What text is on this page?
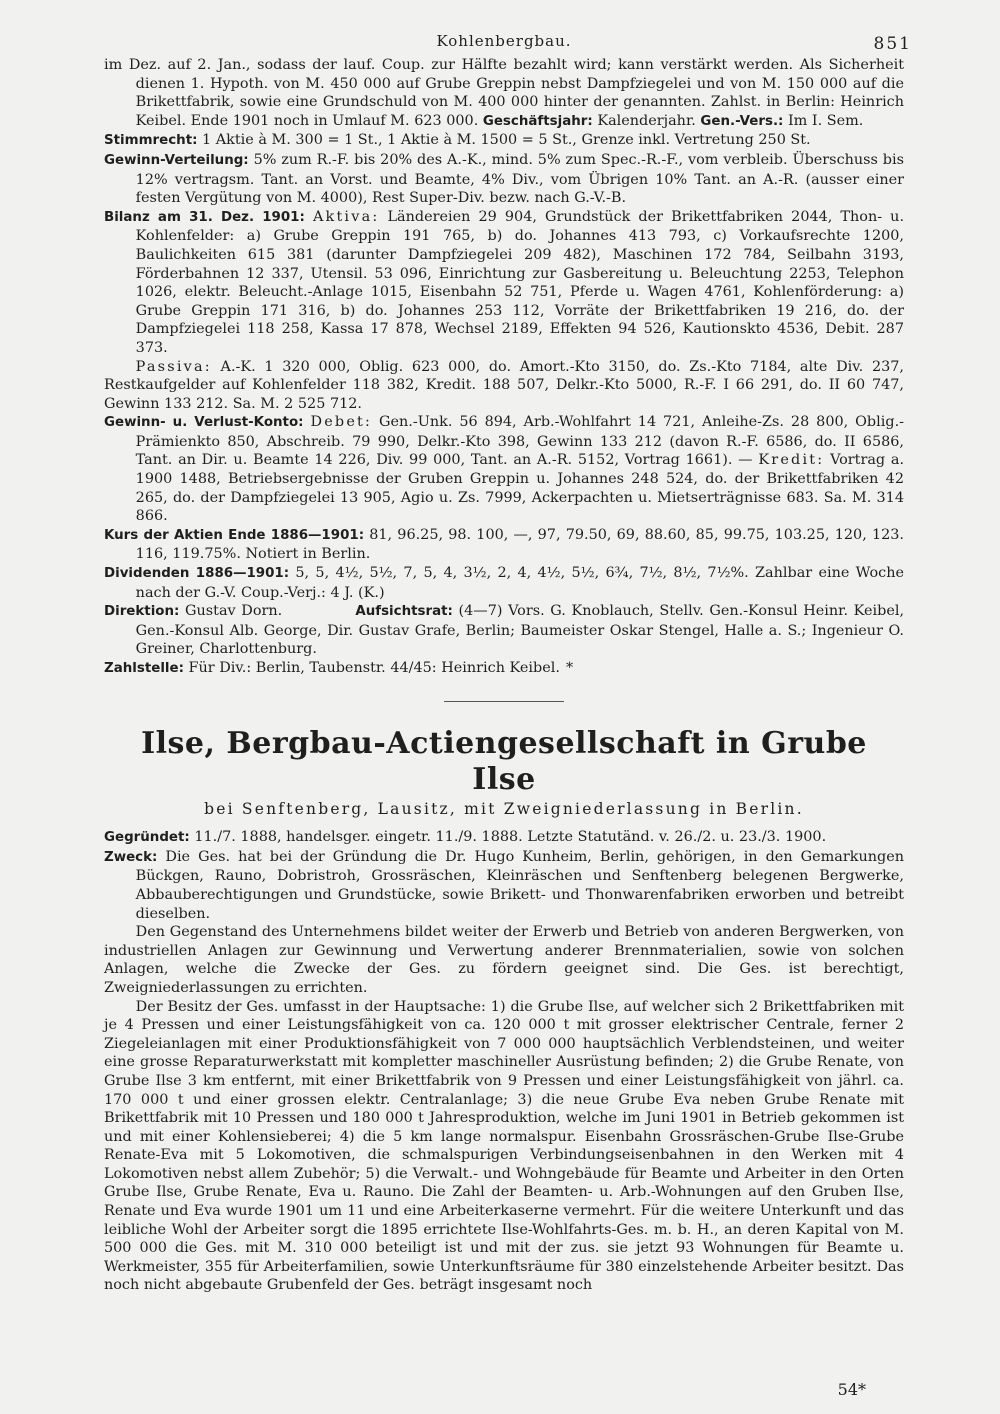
Kohlenbergbau.	851

im Dez. auf 2. Jan., sodass der lauf. Coup. zur Hälfte bezahlt wird; kann verstärkt werden. Als Sicherheit dienen 1. Hypoth. von M. 450 000 auf Grube Greppin nebst Dampfziegelei und von M. 150 000 auf die Brikettfabrik, sowie eine Grundschuld von M. 400 000 hinter der genannten. Zahlst. in Berlin: Heinrich Keibel. Ende 1901 noch in Umlauf M. 623 000. Geschäftsjahr: Kalenderjahr. Gen.-Vers.: Im I. Sem.

Stimmrecht: 1 Aktie à M. 300 = 1 St., 1 Aktie à M. 1500 = 5 St., Grenze inkl. Vertretung 250 St.

Gewinn-Verteilung: 5% zum R.-F. bis 20% des A.-K., mind. 5% zum Spec.-R.-F., vom verbleib. Überschuss bis 12% vertragsm. Tant. an Vorst. und Beamte, 4% Div., vom Übrigen 10% Tant. an A.-R. (ausser einer festen Vergütung von M. 4000), Rest Super-Div. bezw. nach G.-V.-B.

Bilanz am 31. Dez. 1901: Aktiva: Ländereien 29 904, Grundstück der Brikettfabriken 2044, Thon- u. Kohlenfelder: a) Grube Greppin 191 765, b) do. Johannes 413 793, c) Vorkaufsrechte 1200, Baulichkeiten 615 381 (darunter Dampfziegelei 209 482), Maschinen 172 784, Seilbahn 3193, Förderbahnen 12 337, Utensil. 53 096, Einrichtung zur Gasbereitung u. Beleuchtung 2253, Telephon 1026, elektr. Beleucht.-Anlage 1015, Eisenbahn 52 751, Pferde u. Wagen 4761, Kohlenförderung: a) Grube Greppin 171 316, b) do. Johannes 253 112, Vorräte der Brikettfabriken 19 216, do. der Dampfziegelei 118 258, Kassa 17 878, Wechsel 2189, Effekten 94 526, Kautionskto 4536, Debit. 287 373.

Passiva: A.-K. 1 320 000, Oblig. 623 000, do. Amort.-Kto 3150, do. Zs.-Kto 7184, alte Div. 237, Restkaufgelder auf Kohlenfelder 118 382, Kredit. 188 507, Delkr.-Kto 5000, R.-F. I 66 291, do. II 60 747, Gewinn 133 212. Sa. M. 2 525 712.

Gewinn- u. Verlust-Konto: Debet: Gen.-Unk. 56 894, Arb.-Wohlfahrt 14 721, Anleihe-Zs. 28 800, Oblig.-Prämienkto 850, Abschreib. 79 990, Delkr.-Kto 398, Gewinn 133 212 (davon R.-F. 6586, do. II 6586, Tant. an Dir. u. Beamte 14 226, Div. 99 000, Tant. an A.-R. 5152, Vortrag 1661). — Kredit: Vortrag a. 1900 1488, Betriebsergebnisse der Gruben Greppin u. Johannes 248 524, do. der Brikettfabriken 42 265, do. der Dampfziegelei 13 905, Agio u. Zs. 7999, Ackerpachten u. Mietserträgnisse 683. Sa. M. 314 866.

Kurs der Aktien Ende 1886—1901: 81, 96.25, 98. 100, —, 97, 79.50, 69, 88.60, 85, 99.75, 103.25, 120, 123. 116, 119.75%. Notiert in Berlin.

Dividenden 1886—1901: 5, 5, 4½, 5½, 7, 5, 4, 3½, 2, 4, 4½, 5½, 6¾, 7½, 8½, 7½%. Zahlbar eine Woche nach der G.-V. Coup.-Verj.: 4 J. (K.)

Direktion: Gustav Dorn.	Aufsichtsrat: (4—7) Vors. G. Knoblauch, Stellv. Gen.-Konsul Heinr. Keibel, Gen.-Konsul Alb. George, Dir. Gustav Grafe, Berlin; Baumeister Oskar Stengel, Halle a. S.; Ingenieur O. Greiner, Charlottenburg.

Zahlstelle: Für Div.: Berlin, Taubenstr. 44/45: Heinrich Keibel. *

Ilse, Bergbau-Actiengesellschaft in Grube Ilse

bei Senftenberg, Lausitz, mit Zweigniederlassung in Berlin.

Gegründet: 11./7. 1888, handelsger. eingetr. 11./9. 1888. Letzte Statutänd. v. 26./2. u. 23./3. 1900.

Zweck: Die Ges. hat bei der Gründung die Dr. Hugo Kunheim, Berlin, gehörigen, in den Gemarkungen Bückgen, Rauno, Dobristroh, Grossräschen, Kleinräschen und Senftenberg belegenen Bergwerke, Abbauberechtigungen und Grundstücke, sowie Brikett- und Thonwarenfabriken erworben und betreibt dieselben.

Den Gegenstand des Unternehmens bildet weiter der Erwerb und Betrieb von anderen Bergwerken, von industriellen Anlagen zur Gewinnung und Verwertung anderer Brennmaterialien, sowie von solchen Anlagen, welche die Zwecke der Ges. zu fördern geeignet sind. Die Ges. ist berechtigt, Zweigniederlassungen zu errichten.

Der Besitz der Ges. umfasst in der Hauptsache: 1) die Grube Ilse, auf welcher sich 2 Brikettfabriken mit je 4 Pressen und einer Leistungsfähigkeit von ca. 120 000 t mit grosser elektrischer Centrale, ferner 2 Ziegeleianlagen mit einer Produktionsfähigkeit von 7 000 000 hauptsächlich Verblendsteinen, und weiter eine grosse Reparaturwerkstatt mit kompletter maschineller Ausrüstung befinden; 2) die Grube Renate, von Grube Ilse 3 km entfernt, mit einer Brikettfabrik von 9 Pressen und einer Leistungsfähigkeit von jährl. ca. 170 000 t und einer grossen elektr. Centralanlage; 3) die neue Grube Eva neben Grube Renate mit Brikettfabrik mit 10 Pressen und 180 000 t Jahresproduktion, welche im Juni 1901 in Betrieb gekommen ist und mit einer Kohlensieberei; 4) die 5 km lange normalspur. Eisenbahn Grossräschen-Grube Ilse-Grube Renate-Eva mit 5 Lokomotiven, die schmalspurigen Verbindungseisenbahnen in den Werken mit 4 Lokomotiven nebst allem Zubehör; 5) die Verwalt.- und Wohngebäude für Beamte und Arbeiter in den Orten Grube Ilse, Grube Renate, Eva u. Rauno. Die Zahl der Beamten- u. Arb.-Wohnungen auf den Gruben Ilse, Renate und Eva wurde 1901 um 11 und eine Arbeiterkaserne vermehrt. Für die weitere Unterkunft und das leibliche Wohl der Arbeiter sorgt die 1895 errichtete Ilse-Wohlfahrts-Ges. m. b. H., an deren Kapital von M. 500 000 die Ges. mit M. 310 000 beteiligt ist und mit der zus. sie jetzt 93 Wohnungen für Beamte u. Werkmeister, 355 für Arbeiterfamilien, sowie Unterkunftsräume für 380 einzelstehende Arbeiter besitzt. Das noch nicht abgebaute Grubenfeld der Ges. beträgt insgesamt noch

54*
